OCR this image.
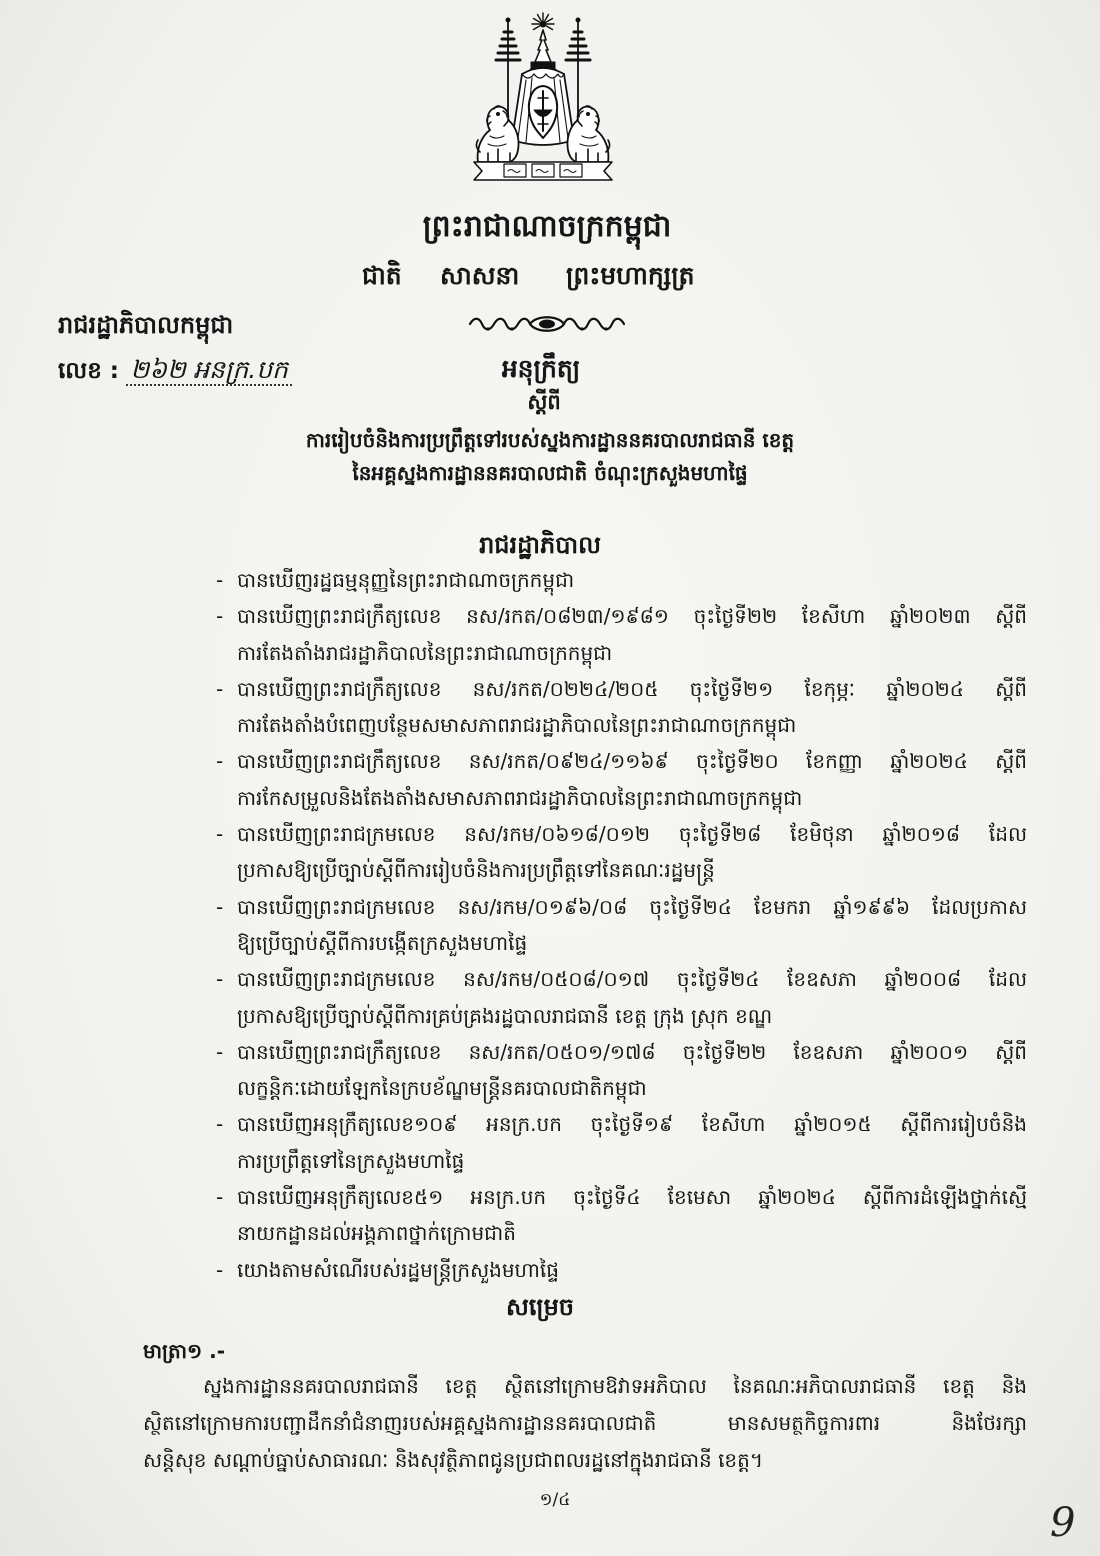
ព្រះរាជាណាចក្រកម្ពុជា
ជាតិ សាសនា ព្រះមហាក្សត្រ
រាជរដ្ឋាភិបាលកម្ពុជា
លេខ : ២៦២ អនក្រ.បក	អនុក្រឹត្យ
ស្តីពី
ការរៀបចំនិងការប្រព្រឹត្តទៅរបស់ស្នងការដ្ឋាននគរបាលរាជធានី ខេត្ត
នៃអគ្គស្នងការដ្ឋាននគរបាលជាតិ ចំណុះក្រសួងមហាផ្ទៃ
រាជរដ្ឋាភិបាល
- បានឃើញរដ្ឋធម្មនុញ្ញនៃព្រះរាជាណាចក្រកម្ពុជា
- បានឃើញព្រះរាជក្រឹត្យលេខ នស/រកត/០៨២៣/១៩៨១ ចុះថ្ងៃទី២២ ខែសីហា ឆ្នាំ២០២៣ ស្តីពី
ការតែងតាំងរាជរដ្ឋាភិបាលនៃព្រះរាជាណាចក្រកម្ពុជា
- បានឃើញព្រះរាជក្រឹត្យលេខ នស/រកត/០២២៤/២០៥ ចុះថ្ងៃទី២១ ខែកុម្ភៈ ឆ្នាំ២០២៤ ស្តីពី
ការតែងតាំងបំពេញបន្ថែមសមាសភាពរាជរដ្ឋាភិបាលនៃព្រះរាជាណាចក្រកម្ពុជា
- បានឃើញព្រះរាជក្រឹត្យលេខ នស/រកត/០៩២៤/១១៦៩ ចុះថ្ងៃទី២០ ខែកញ្ញា ឆ្នាំ២០២៤ ស្តីពី
ការកែសម្រួលនិងតែងតាំងសមាសភាពរាជរដ្ឋាភិបាលនៃព្រះរាជាណាចក្រកម្ពុជា
- បានឃើញព្រះរាជក្រមលេខ នស/រកម/០៦១៨/០១២ ចុះថ្ងៃទី២៨ ខែមិថុនា ឆ្នាំ២០១៨ ដែល
ប្រកាសឱ្យប្រើច្បាប់ស្តីពីការរៀបចំនិងការប្រព្រឹត្តទៅនៃគណៈរដ្ឋមន្ត្រី
- បានឃើញព្រះរាជក្រមលេខ នស/រកម/០១៩៦/០៨ ចុះថ្ងៃទី២៤ ខែមករា ឆ្នាំ១៩៩៦ ដែលប្រកាស
ឱ្យប្រើច្បាប់ស្តីពីការបង្កើតក្រសួងមហាផ្ទៃ
- បានឃើញព្រះរាជក្រមលេខ នស/រកម/០៥០៨/០១៧ ចុះថ្ងៃទី២៤ ខែឧសភា ឆ្នាំ២០០៨ ដែល
ប្រកាសឱ្យប្រើច្បាប់ស្តីពីការគ្រប់គ្រងរដ្ឋបាលរាជធានី ខេត្ត ក្រុង ស្រុក ខណ្ឌ
- បានឃើញព្រះរាជក្រឹត្យលេខ នស/រកត/០៥០១/១៧៨ ចុះថ្ងៃទី២២ ខែឧសភា ឆ្នាំ២០០១ ស្តីពី
លក្ខន្តិកៈដោយឡែកនៃក្របខ័ណ្ឌមន្ត្រីនគរបាលជាតិកម្ពុជា
- បានឃើញអនុក្រឹត្យលេខ១០៩ អនក្រ.បក ចុះថ្ងៃទី១៩ ខែសីហា ឆ្នាំ២០១៥ ស្តីពីការរៀបចំនិង
ការប្រព្រឹត្តទៅនៃក្រសួងមហាផ្ទៃ
- បានឃើញអនុក្រឹត្យលេខ៥១ អនក្រ.បក ចុះថ្ងៃទី៤ ខែមេសា ឆ្នាំ២០២៤ ស្តីពីការដំឡើងថ្នាក់ស្មើ
នាយកដ្ឋានដល់អង្គភាពថ្នាក់ក្រោមជាតិ
- យោងតាមសំណើរបស់រដ្ឋមន្ត្រីក្រសួងមហាផ្ទៃ
សម្រេច
មាត្រា១ .-
ស្នងការដ្ឋាននគរបាលរាជធានី ខេត្ត ស្ថិតនៅក្រោមឱវាទអភិបាល នៃគណៈអភិបាលរាជធានី ខេត្ត និង
ស្ថិតនៅក្រោមការបញ្ជាដឹកនាំជំនាញរបស់អគ្គស្នងការដ្ឋាននគរបាលជាតិ មានសមត្ថកិច្ចការពារ និងថែរក្សា
សន្តិសុខ សណ្តាប់ធ្នាប់សាធារណៈ និងសុវត្ថិភាពជូនប្រជាពលរដ្ឋនៅក្នុងរាជធានី ខេត្ត។
១/៤	9
